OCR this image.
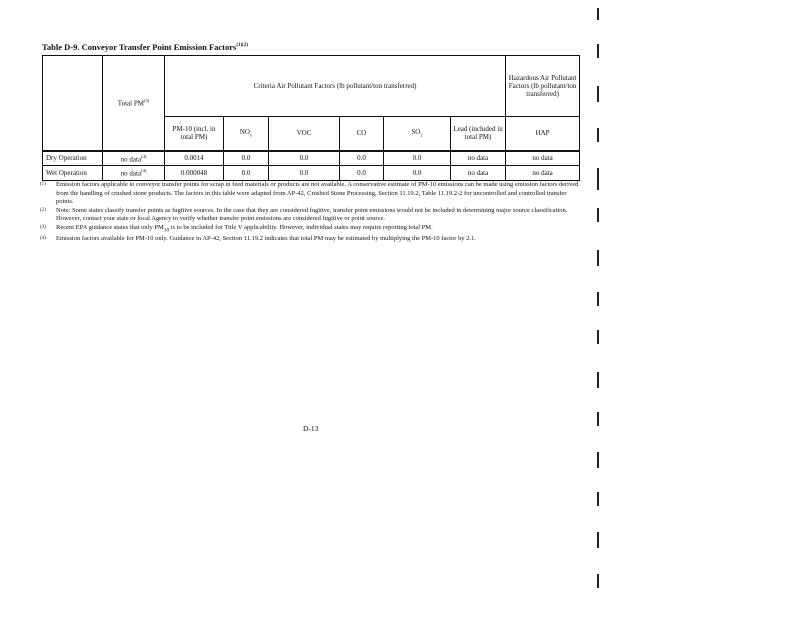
Table D-9. Conveyor Transfer Point Emission Factors$^{(1)(2)}$
	Total PM$^{(3)}$	Criteria Air Pollutant Factors (lb pollutant/ton transferred)						Hazardous Air Pollutant Factors (lb pollutant/ton transferred)
		PM-10 (incl. in total PM)	$NO_x$	VOC	CO	$SO_2$	Lead (included in total PM)	HAP
Dry Operation	no data$^{(4)}$	0.0014	0.0	0.0	0.0	0.0	no data	no data
Wet Operation	no data$^{(4)}$	0.000048	0.0	0.0	0.0	0.0	no data	no data
(1)	Emission factors applicable to conveyor transfer points for scrap in feed materials or products are not available. A conservative estimate of PM-10 emissions can be made using emission factors derived from the handling of crushed stone products. The factors in this table were adapted from AP-42, Crushed Stone Processing, Section 11.19.2, Table 11.19.2-2 for uncontrolled and controlled transfer points.
(2)	Note: Some states classify transfer points as fugitive sources. In the case that they are considered fugitive, transfer point emissions would not be included in determining major source classification. However, contact your state or local Agency to verify whether transfer point emissions are considered fugitive or point source.
(3)	Recent EPA guidance states that only $PM_{10}$ is to be included for Title V applicability. However, individual states may require reporting total PM.
(4)	Emission factors available for PM-10 only. Guidance in AP-42, Section 11.19.2 indicates that total PM may be estimated by multiplying the PM-10 factor by 2.1.
D-13
